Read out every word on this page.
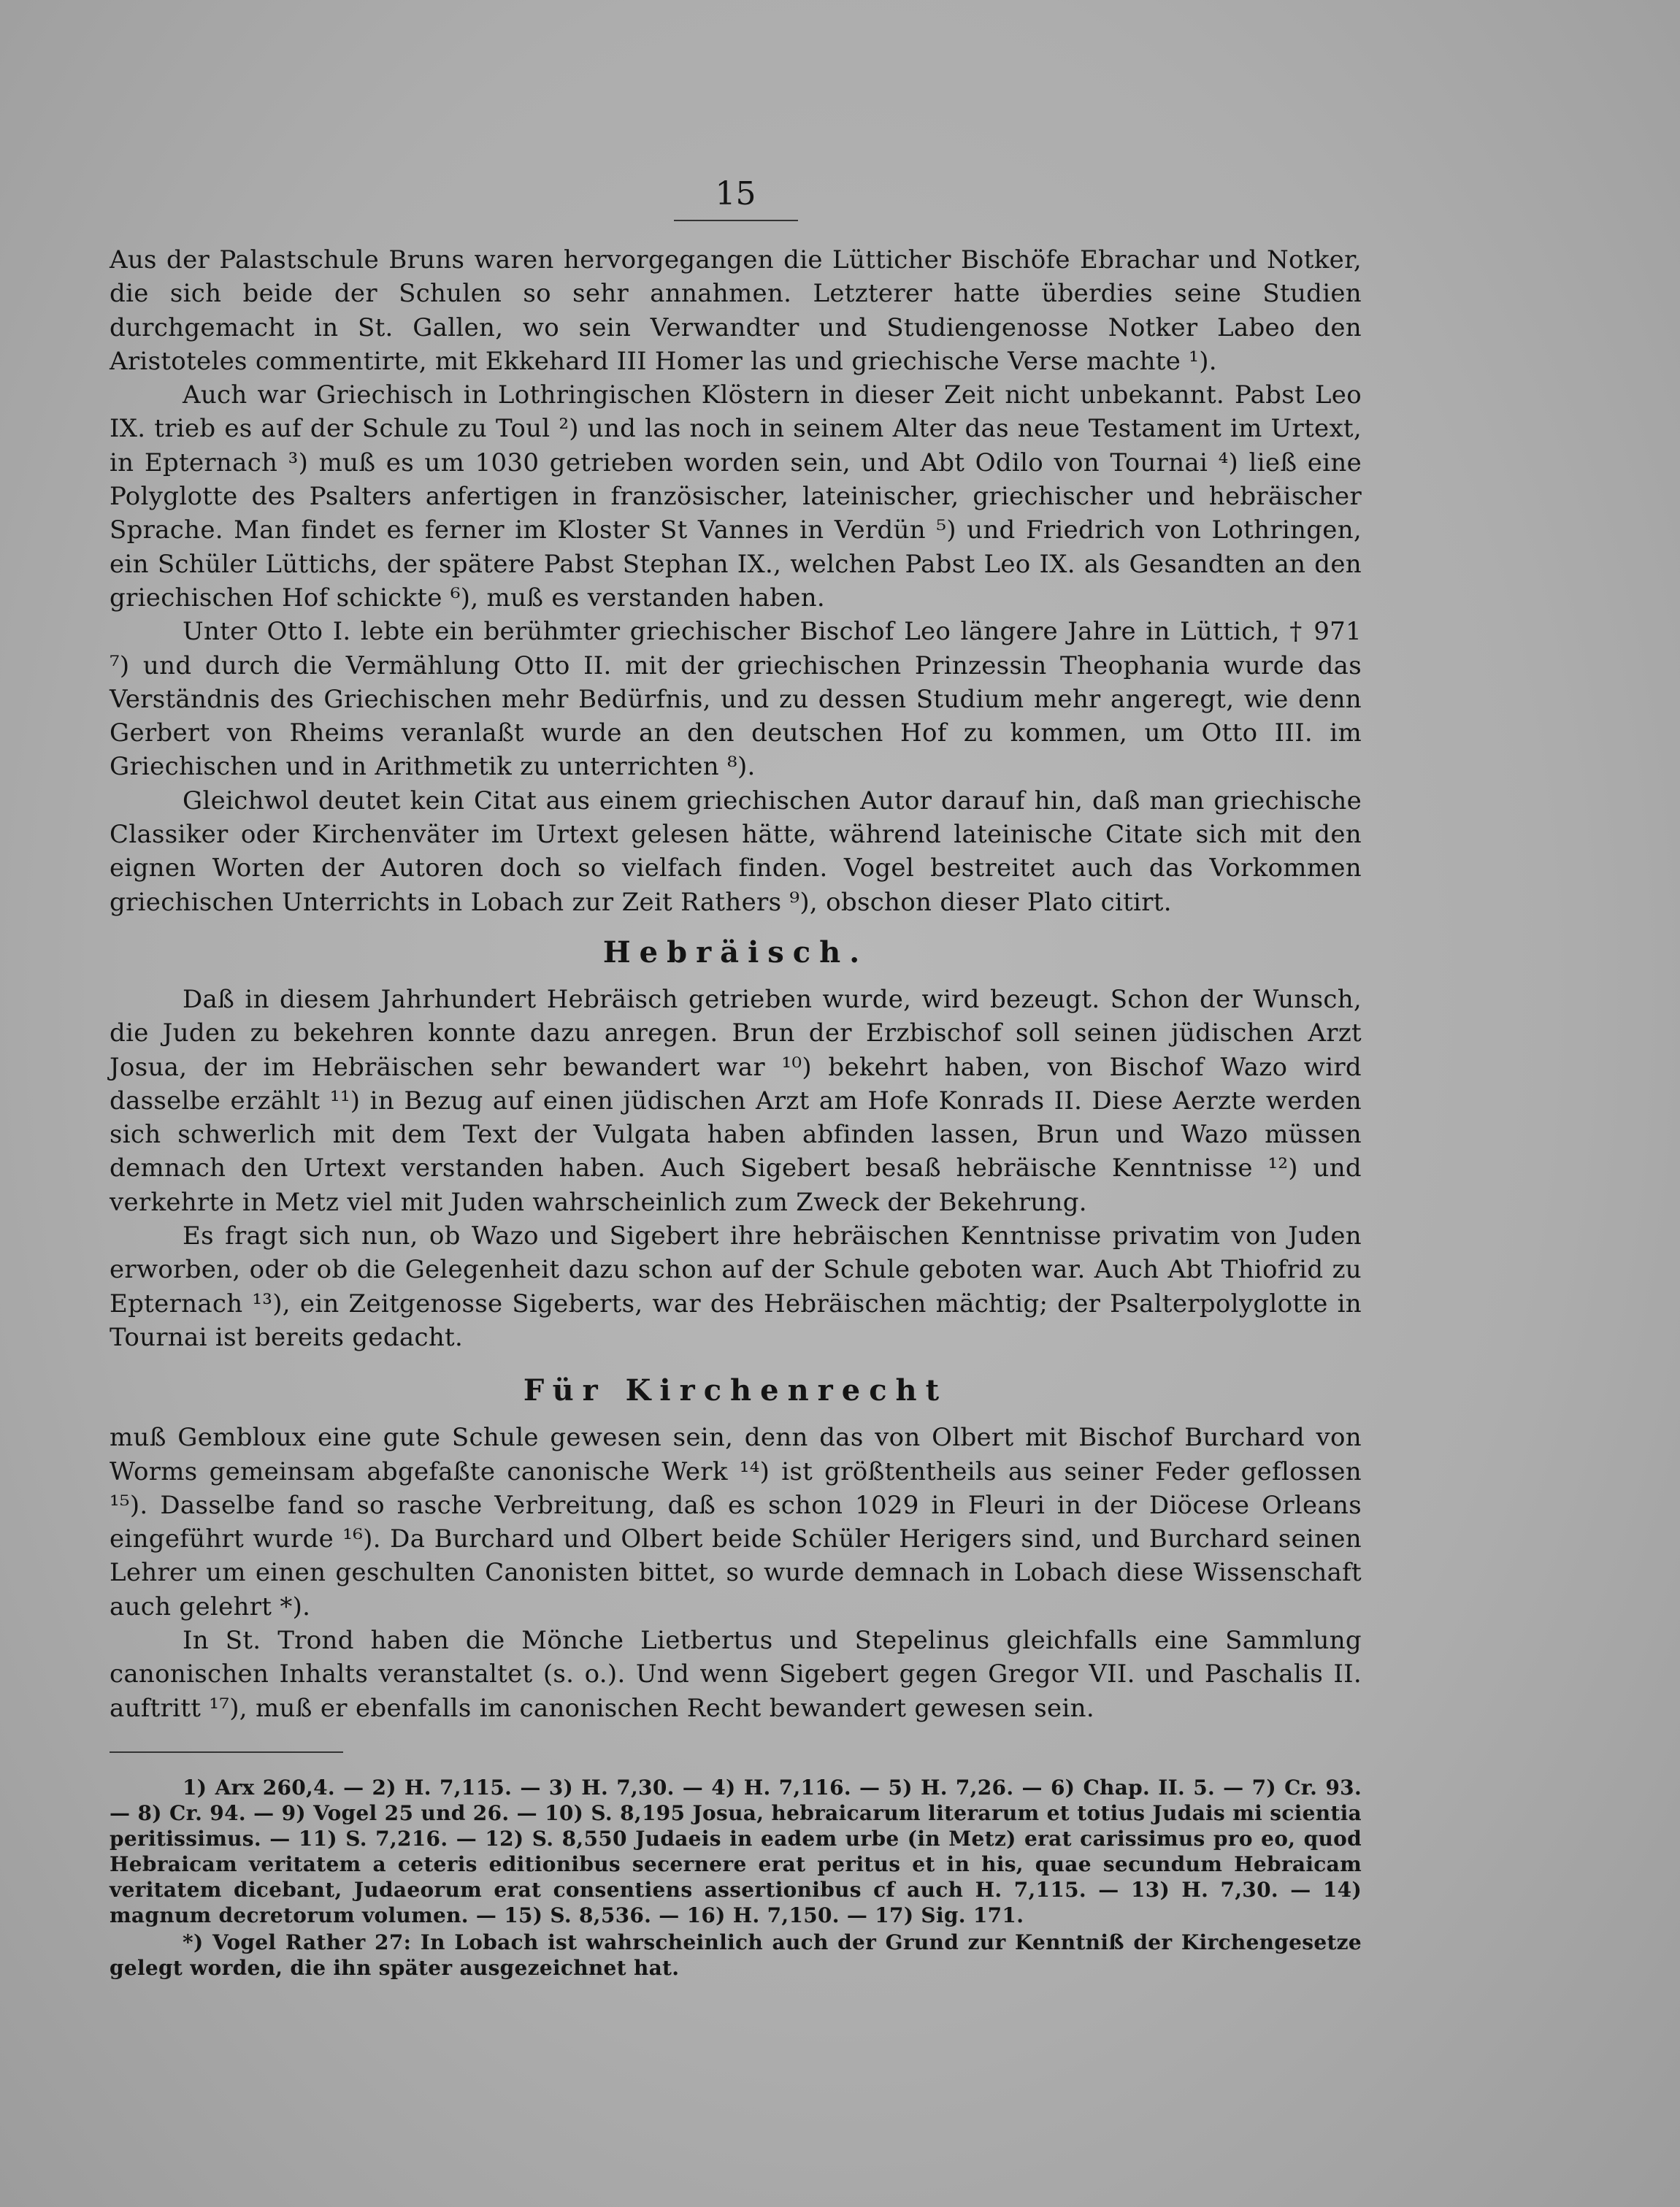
15

Aus der Palastschule Bruns waren hervorgegangen die Lütticher Bischöfe Ebrachar und Notker, die sich beide der Schulen so sehr annahmen. Letzterer hatte überdies seine Studien durchgemacht in St. Gallen, wo sein Verwandter und Studiengenosse Notker Labeo den Aristoteles commentirte, mit Ekkehard III Homer las und griechische Verse machte ¹).

Auch war Griechisch in Lothringischen Klöstern in dieser Zeit nicht unbekannt. Pabst Leo IX. trieb es auf der Schule zu Toul ²) und las noch in seinem Alter das neue Testament im Urtext, in Epternach ³) muß es um 1030 getrieben worden sein, und Abt Odilo von Tournai ⁴) ließ eine Polyglotte des Psalters anfertigen in französischer, lateinischer, griechischer und hebräischer Sprache. Man findet es ferner im Kloster St Vannes in Verdün ⁵) und Friedrich von Lothringen, ein Schüler Lüttichs, der spätere Pabst Stephan IX., welchen Pabst Leo IX. als Gesandten an den griechischen Hof schickte ⁶), muß es verstanden haben.

Unter Otto I. lebte ein berühmter griechischer Bischof Leo längere Jahre in Lüttich, † 971 ⁷) und durch die Vermählung Otto II. mit der griechischen Prinzessin Theophania wurde das Verständnis des Griechischen mehr Bedürfnis, und zu dessen Studium mehr angeregt, wie denn Gerbert von Rheims veranlaßt wurde an den deutschen Hof zu kommen, um Otto III. im Griechischen und in Arithmetik zu unterrichten ⁸).

Gleichwol deutet kein Citat aus einem griechischen Autor darauf hin, daß man griechische Classiker oder Kirchenväter im Urtext gelesen hätte, während lateinische Citate sich mit den eignen Worten der Autoren doch so vielfach finden. Vogel bestreitet auch das Vorkommen griechischen Unterrichts in Lobach zur Zeit Rathers ⁹), obschon dieser Plato citirt.

Hebräisch.

Daß in diesem Jahrhundert Hebräisch getrieben wurde, wird bezeugt. Schon der Wunsch, die Juden zu bekehren konnte dazu anregen. Brun der Erzbischof soll seinen jüdischen Arzt Josua, der im Hebräischen sehr bewandert war ¹⁰) bekehrt haben, von Bischof Wazo wird dasselbe erzählt ¹¹) in Bezug auf einen jüdischen Arzt am Hofe Konrads II. Diese Aerzte werden sich schwerlich mit dem Text der Vulgata haben abfinden lassen, Brun und Wazo müssen demnach den Urtext verstanden haben. Auch Sigebert besaß hebräische Kenntnisse ¹²) und verkehrte in Metz viel mit Juden wahrscheinlich zum Zweck der Bekehrung.

Es fragt sich nun, ob Wazo und Sigebert ihre hebräischen Kenntnisse privatim von Juden erworben, oder ob die Gelegenheit dazu schon auf der Schule geboten war. Auch Abt Thiofrid zu Epternach ¹³), ein Zeitgenosse Sigeberts, war des Hebräischen mächtig; der Psalterpolyglotte in Tournai ist bereits gedacht.

Für Kirchenrecht

muß Gembloux eine gute Schule gewesen sein, denn das von Olbert mit Bischof Burchard von Worms gemeinsam abgefaßte canonische Werk ¹⁴) ist größtentheils aus seiner Feder geflossen ¹⁵). Dasselbe fand so rasche Verbreitung, daß es schon 1029 in Fleuri in der Diöcese Orleans eingeführt wurde ¹⁶). Da Burchard und Olbert beide Schüler Herigers sind, und Burchard seinen Lehrer um einen geschulten Canonisten bittet, so wurde demnach in Lobach diese Wissenschaft auch gelehrt *).

In St. Trond haben die Mönche Lietbertus und Stepelinus gleichfalls eine Sammlung canonischen Inhalts veranstaltet (s. o.). Und wenn Sigebert gegen Gregor VII. und Paschalis II. auftritt ¹⁷), muß er ebenfalls im canonischen Recht bewandert gewesen sein.

1) Arx 260,4. — 2) H. 7,115. — 3) H. 7,30. — 4) H. 7,116. — 5) H. 7,26. — 6) Chap. II. 5. — 7) Cr. 93. — 8) Cr. 94. — 9) Vogel 25 und 26. — 10) S. 8,195 Josua, hebraicarum literarum et totius Judais mi scientia peritissimus. — 11) S. 7,216. — 12) S. 8,550 Judaeis in eadem urbe (in Metz) erat carissimus pro eo, quod Hebraicam veritatem a ceteris editionibus secernere erat peritus et in his, quae secundum Hebraicam veritatem dicebant, Judaeorum erat consentiens assertionibus cf auch H. 7,115. — 13) H. 7,30. — 14) magnum decretorum volumen. — 15) S. 8,536. — 16) H. 7,150. — 17) Sig. 171.

*) Vogel Rather 27: In Lobach ist wahrscheinlich auch der Grund zur Kenntniß der Kirchengesetze gelegt worden, die ihn später ausgezeichnet hat.
